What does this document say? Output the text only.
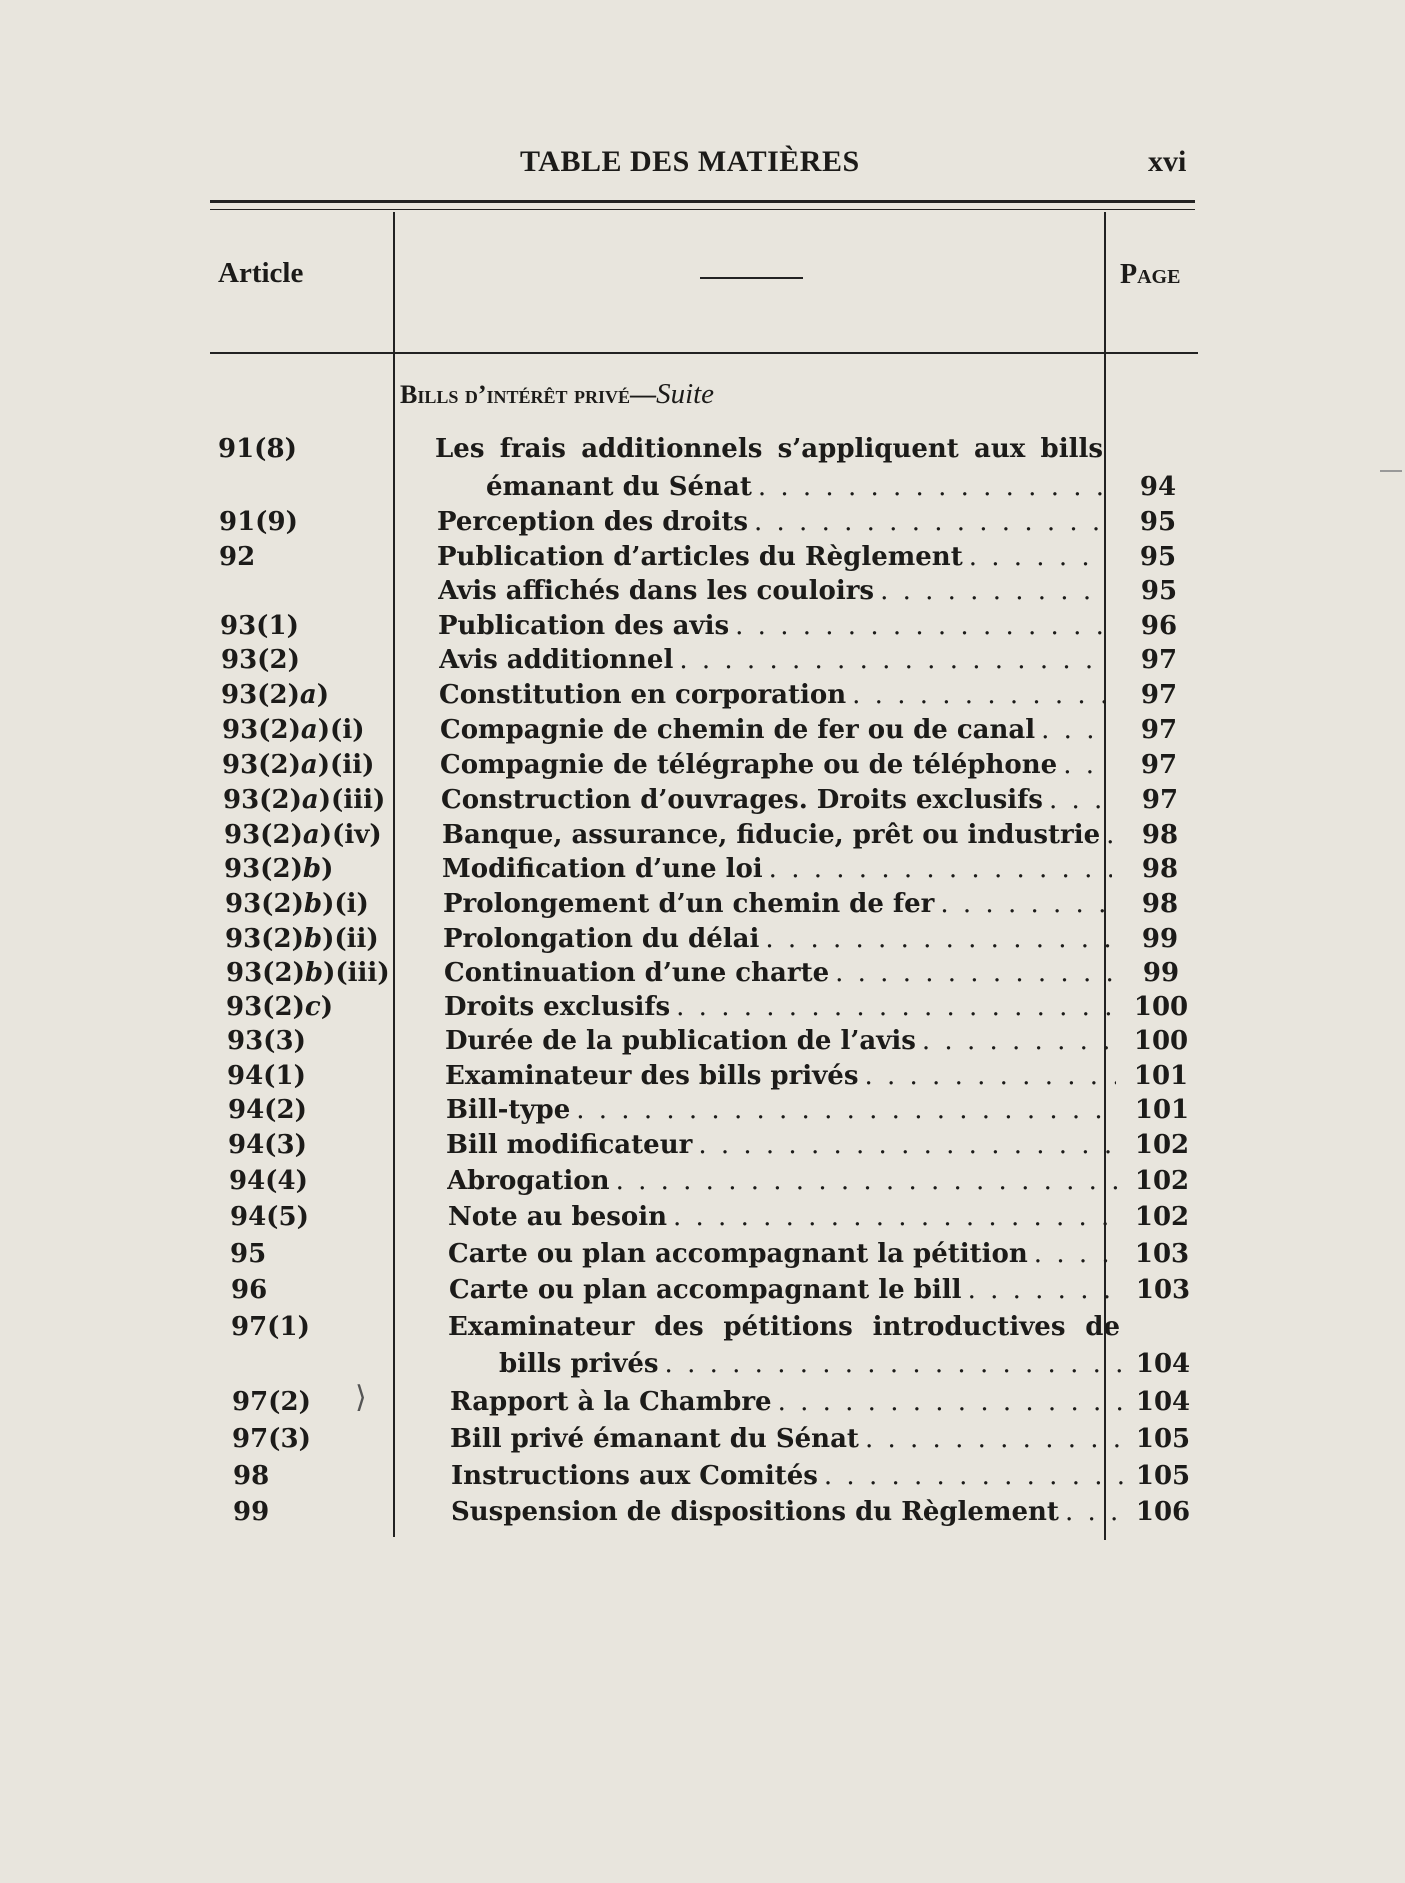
TABLE DES MATIÈRES	xvi
Article	Page
Bills d’intérêt privé—Suite
91(8)	Les frais additionnels s’appliquent aux bills
émanant du Sénat . . .	94
91(9)	Perception des droits . . .	95
92	Publication d’articles du Règlement . . .	95
Avis affichés dans les couloirs . . .	95
93(1)	Publication des avis . . .	96
93(2)	Avis additionnel . . .	97
93(2)a)	Constitution en corporation . . .	97
93(2)a)(i)	Compagnie de chemin de fer ou de canal . . .	97
93(2)a)(ii)	Compagnie de télégraphe ou de téléphone . . .	97
93(2)a)(iii) Construction d’ouvrages. Droits exclusifs . . .	97
93(2)a)(iv) Banque, assurance, fiducie, prêt ou industrie . . .	98
93(2)b)	Modification d’une loi . . .	98
93(2)b)(i)	Prolongement d’un chemin de fer . . .	98
93(2)b)(ii) Prolongation du délai . . .	99
93(2)b)(iii) Continuation d’une charte . . .	99
93(2)c)	Droits exclusifs . . .	100
93(3)	Durée de la publication de l’avis . . .	100
94(1)	Examinateur des bills privés . . .	101
94(2)	Bill-type . . .	101
94(3)	Bill modificateur . . .	102
94(4)	Abrogation . . .	102
94(5)	Note au besoin . . .	102
95	Carte ou plan accompagnant la pétition . . .	103
96	Carte ou plan accompagnant le bill . . .	103
97(1)	Examinateur des pétitions introductives de
bills privés . . .	104
97(2)	Rapport à la Chambre . . .	104
97(3)	Bill privé émanant du Sénat . . .	105
98	Instructions aux Comités . . .	105
99	Suspension de dispositions du Règlement . . .	106
⟩
